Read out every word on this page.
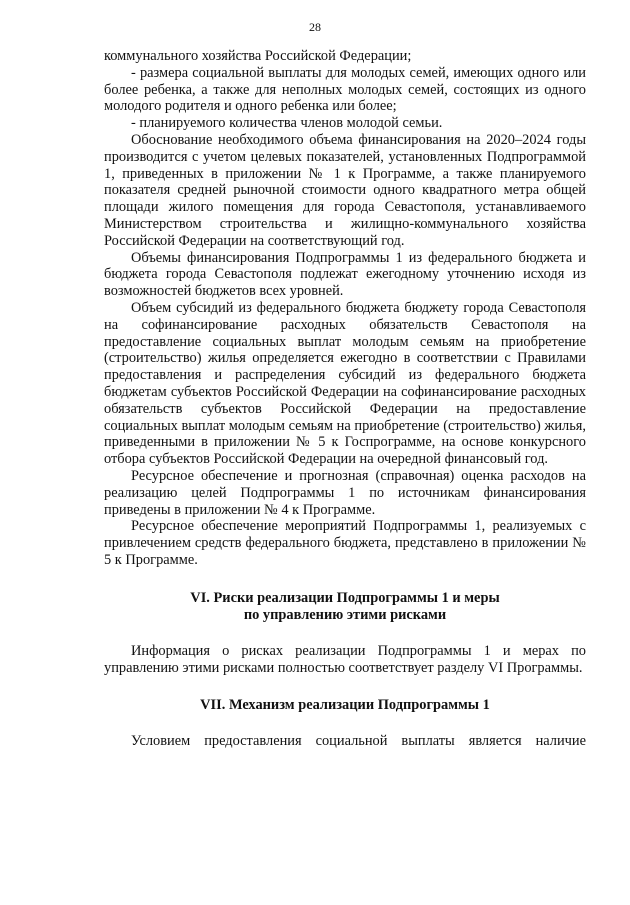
28

коммунального хозяйства Российской Федерации;

- размера социальной выплаты для молодых семей, имеющих одного или более ребенка, а также для неполных молодых семей, состоящих из одного молодого родителя и одного ребенка или более;

- планируемого количества членов молодой семьи.

Обоснование необходимого объема финансирования на 2020–2024 годы производится с учетом целевых показателей, установленных Подпрограммой 1, приведенных в приложении № 1 к Программе, а также планируемого показателя средней рыночной стоимости одного квадратного метра общей площади жилого помещения для города Севастополя, устанавливаемого Министерством строительства и жилищно-коммунального хозяйства Российской Федерации на соответствующий год.

Объемы финансирования Подпрограммы 1 из федерального бюджета и бюджета города Севастополя подлежат ежегодному уточнению исходя из возможностей бюджетов всех уровней.

Объем субсидий из федерального бюджета бюджету города Севастополя на софинансирование расходных обязательств Севастополя на предоставление социальных выплат молодым семьям на приобретение (строительство) жилья определяется ежегодно в соответствии с Правилами предоставления и распределения субсидий из федерального бюджета бюджетам субъектов Российской Федерации на софинансирование расходных обязательств субъектов Российской Федерации на предоставление социальных выплат молодым семьям на приобретение (строительство) жилья, приведенными в приложении № 5 к Госпрограмме, на основе конкурсного отбора субъектов Российской Федерации на очередной финансовый год.

Ресурсное обеспечение и прогнозная (справочная) оценка расходов на реализацию целей Подпрограммы 1 по источникам финансирования приведены в приложении № 4 к Программе.

Ресурсное обеспечение мероприятий Подпрограммы 1, реализуемых с привлечением средств федерального бюджета, представлено в приложении № 5 к Программе.

VI. Риски реализации Подпрограммы 1 и меры
по управлению этими рисками

Информация о рисках реализации Подпрограммы 1 и мерах по управлению этими рисками полностью соответствует разделу VI Программы.

VII. Механизм реализации Подпрограммы 1

Условием предоставления социальной выплаты является наличие
